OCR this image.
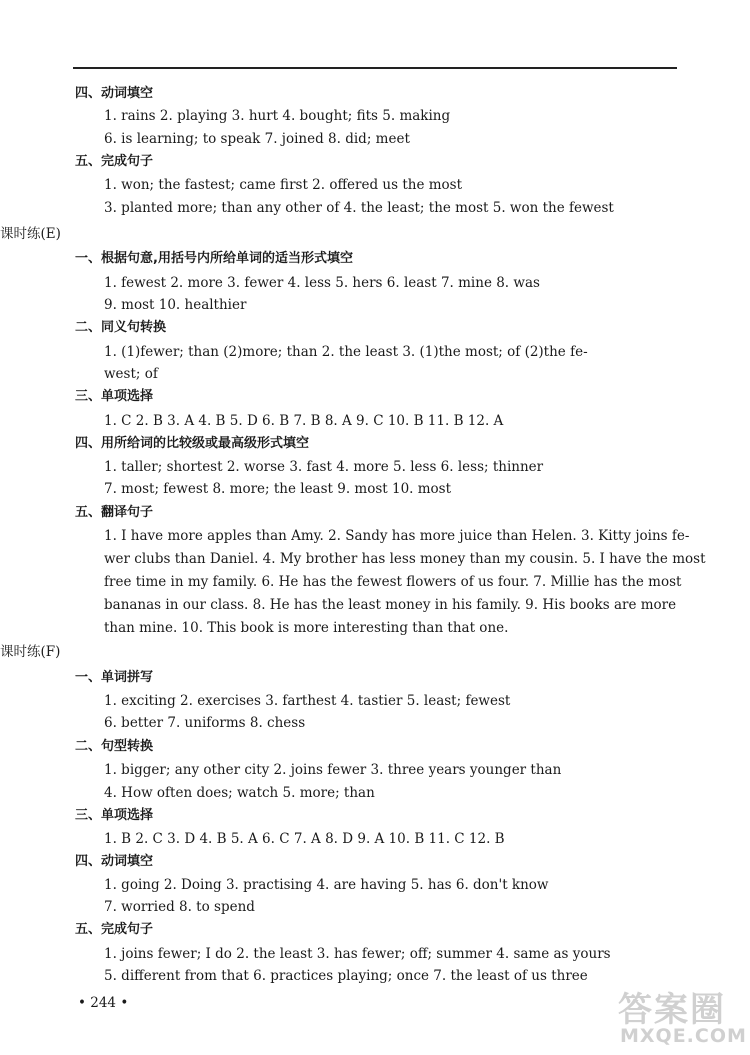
四、动词填空
1. rains 2. playing 3. hurt 4. bought; fits 5. making
6. is learning; to speak 7. joined 8. did; meet
五、完成句子
1. won; the fastest; came first 2. offered us the most
3. planted more; than any other of 4. the least; the most 5. won the fewest
课时练(E)
一、根据句意,用括号内所给单词的适当形式填空
1. fewest 2. more 3. fewer 4. less 5. hers 6. least 7. mine 8. was
9. most 10. healthier
二、同义句转换
1. (1)fewer; than (2)more; than 2. the least 3. (1)the most; of (2)the fe-
west; of
三、单项选择
1. C 2. B 3. A 4. B 5. D 6. B 7. B 8. A 9. C 10. B 11. B 12. A
四、用所给词的比较级或最高级形式填空
1. taller; shortest 2. worse 3. fast 4. more 5. less 6. less; thinner
7. most; fewest 8. more; the least 9. most 10. most
五、翻译句子
1. I have more apples than Amy. 2. Sandy has more juice than Helen. 3. Kitty joins fe-
wer clubs than Daniel. 4. My brother has less money than my cousin. 5. I have the most
free time in my family. 6. He has the fewest flowers of us four. 7. Millie has the most
bananas in our class. 8. He has the least money in his family. 9. His books are more
than mine. 10. This book is more interesting than that one.
课时练(F)
一、单词拼写
1. exciting 2. exercises 3. farthest 4. tastier 5. least; fewest
6. better 7. uniforms 8. chess
二、句型转换
1. bigger; any other city 2. joins fewer 3. three years younger than
4. How often does; watch 5. more; than
三、单项选择
1. B 2. C 3. D 4. B 5. A 6. C 7. A 8. D 9. A 10. B 11. C 12. B
四、动词填空
1. going 2. Doing 3. practising 4. are having 5. has 6. don't know
7. worried 8. to spend
五、完成句子
1. joins fewer; I do 2. the least 3. has fewer; off; summer 4. same as yours
5. different from that 6. practices playing; once 7. the least of us three
• 244 •	答案圈
MXQE.COM
